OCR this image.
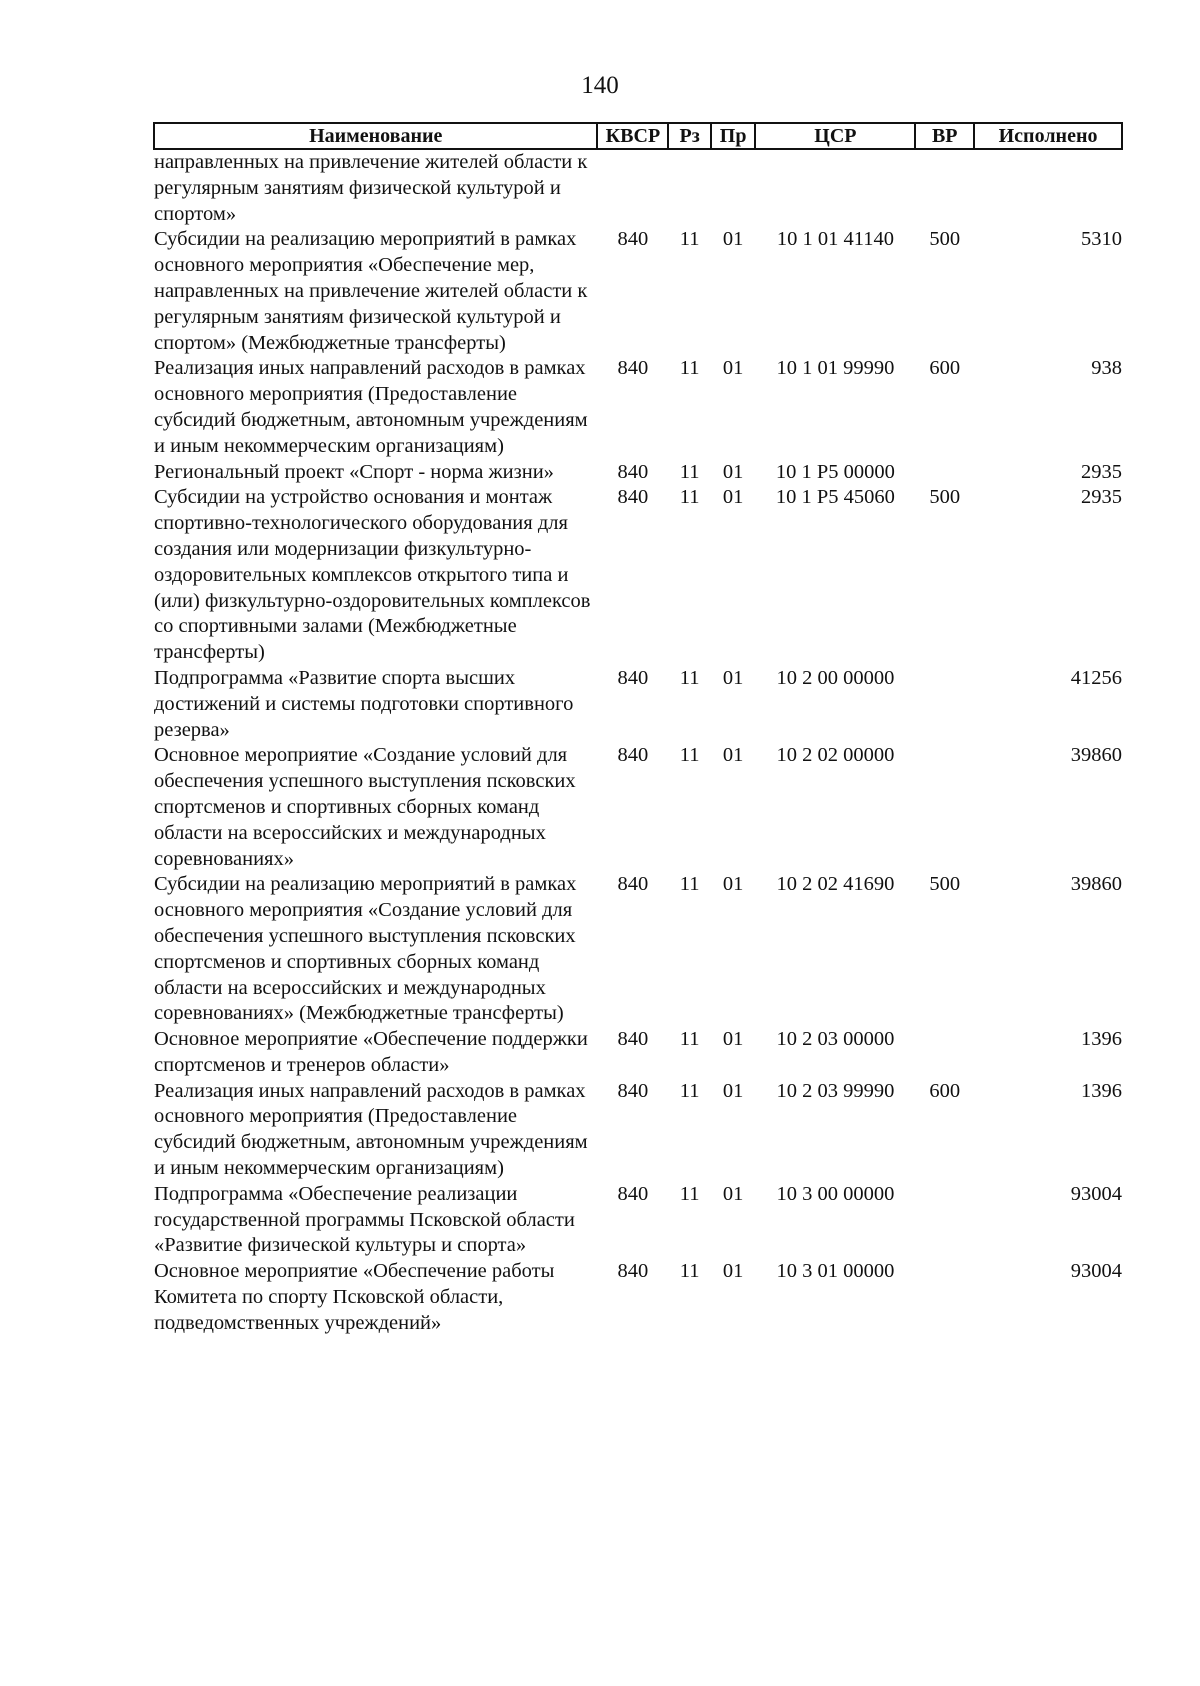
140
Наименование	КВСР	Рз	Пр	ЦСР	ВР	Исполнено
направленных на привлечение жителей области к регулярным занятиям физической культурой и спортом»						
Субсидии на реализацию мероприятий в рамках основного мероприятия «Обеспечение мер, направленных на привлечение жителей области к регулярным занятиям физической культурой и спортом» (Межбюджетные трансферты)	840	11	01	10 1 01 41140	500	5310
Реализация иных направлений расходов в рамках основного мероприятия (Предоставление субсидий бюджетным, автономным учреждениям и иным некоммерческим организациям)	840	11	01	10 1 01 99990	600	938
Региональный проект «Спорт - норма жизни»	840	11	01	10 1 P5 00000		2935
Субсидии на устройство основания и монтаж спортивно-технологического оборудования для создания или модернизации физкультурно-оздоровительных комплексов открытого типа и (или) физкультурно-оздоровительных комплексов со спортивными залами (Межбюджетные трансферты)	840	11	01	10 1 P5 45060	500	2935
Подпрограмма «Развитие спорта высших достижений и системы подготовки спортивного резерва»	840	11	01	10 2 00 00000		41256
Основное мероприятие «Создание условий для обеспечения успешного выступления псковских спортсменов и спортивных сборных команд области на всероссийских и международных соревнованиях»	840	11	01	10 2 02 00000		39860
Субсидии на реализацию мероприятий в рамках основного мероприятия «Создание условий для обеспечения успешного выступления псковских спортсменов и спортивных сборных команд области на всероссийских и международных соревнованиях» (Межбюджетные трансферты)	840	11	01	10 2 02 41690	500	39860
Основное мероприятие «Обеспечение поддержки спортсменов и тренеров области»	840	11	01	10 2 03 00000		1396
Реализация иных направлений расходов в рамках основного мероприятия (Предоставление субсидий бюджетным, автономным учреждениям и иным некоммерческим организациям)	840	11	01	10 2 03 99990	600	1396
Подпрограмма «Обеспечение реализации государственной программы Псковской области «Развитие физической культуры и спорта»	840	11	01	10 3 00 00000		93004
Основное мероприятие «Обеспечение работы Комитета по спорту Псковской области, подведомственных учреждений»	840	11	01	10 3 01 00000		93004
